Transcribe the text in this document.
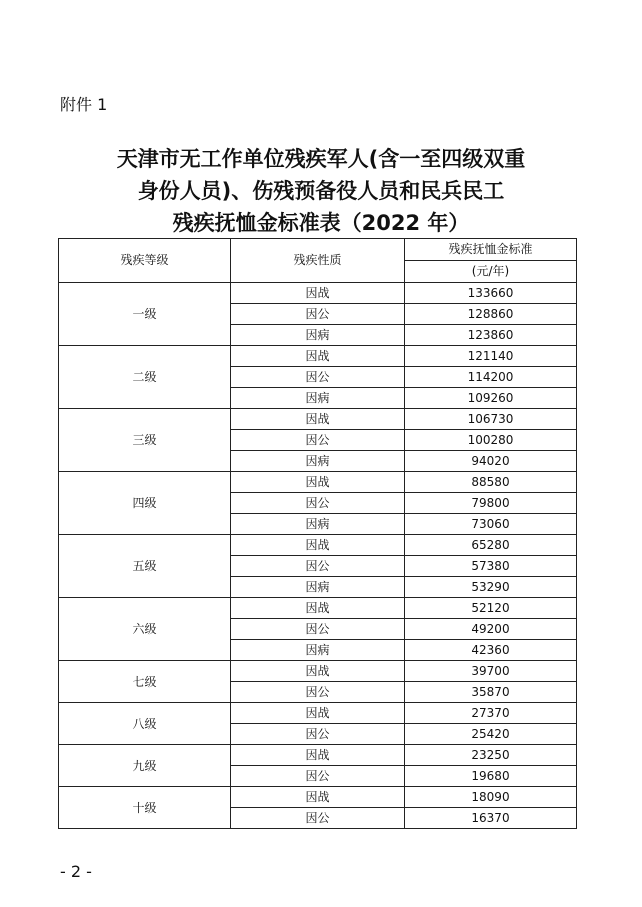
附件 1
天津市无工作单位残疾军人(含一至四级双重
身份人员)、伤残预备役人员和民兵民工
残疾抚恤金标准表（2022 年）
残疾等级	残疾性质	残疾抚恤金标准
		(元/年)
一级	因战	133660
	因公	128860
	因病	123860
二级	因战	121140
	因公	114200
	因病	109260
三级	因战	106730
	因公	100280
	因病	94020
四级	因战	88580
	因公	79800
	因病	73060
五级	因战	65280
	因公	57380
	因病	53290
六级	因战	52120
	因公	49200
	因病	42360
七级	因战	39700
	因公	35870
八级	因战	27370
	因公	25420
九级	因战	23250
	因公	19680
十级	因战	18090
	因公	16370
- 2 -
